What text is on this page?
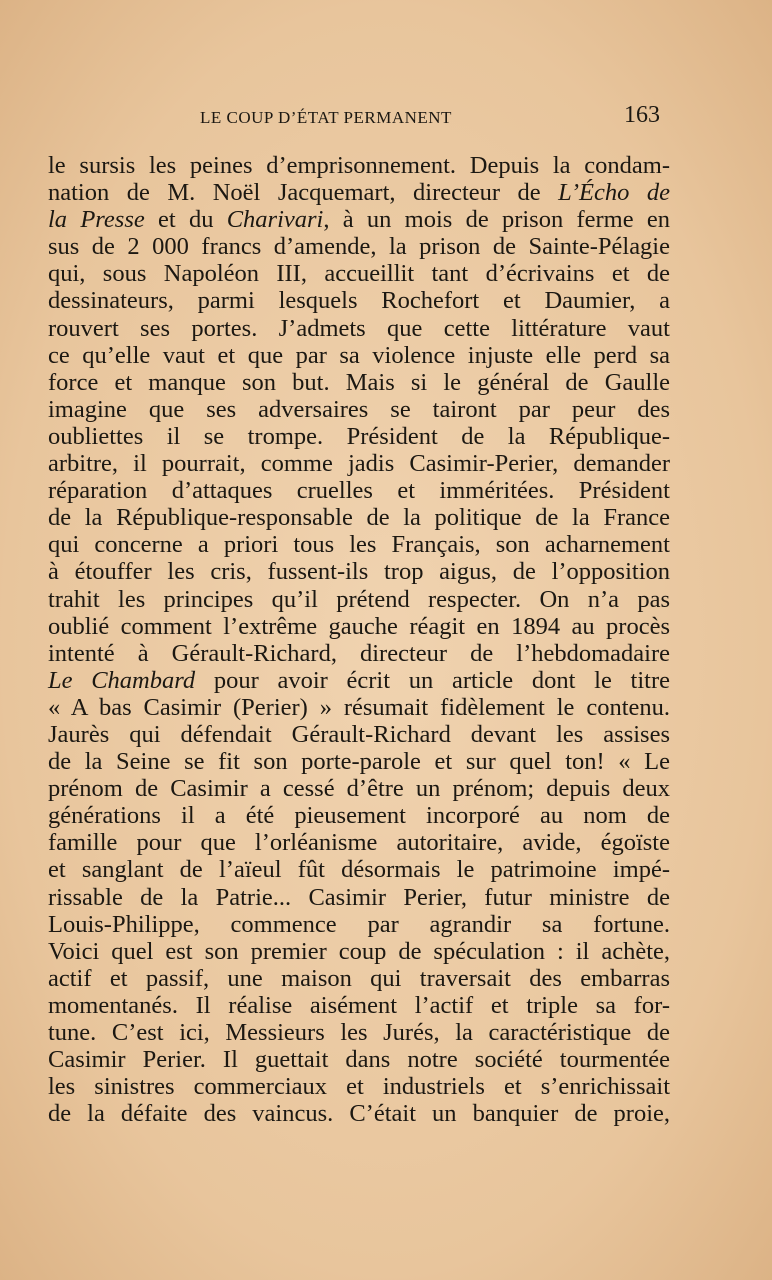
LE COUP D’ÉTAT PERMANENT	163
le sursis les peines d’emprisonnement. Depuis la condam-
nation de M. Noël Jacquemart, directeur de L’Écho de
la Presse et du Charivari, à un mois de prison ferme en
sus de 2 000 francs d’amende, la prison de Sainte-Pélagie
qui, sous Napoléon III, accueillit tant d’écrivains et de
dessinateurs, parmi lesquels Rochefort et Daumier, a
rouvert ses portes. J’admets que cette littérature vaut
ce qu’elle vaut et que par sa violence injuste elle perd sa
force et manque son but. Mais si le général de Gaulle
imagine que ses adversaires se tairont par peur des
oubliettes il se trompe. Président de la République-
arbitre, il pourrait, comme jadis Casimir-Perier, demander
réparation d’attaques cruelles et imméritées. Président
de la République-responsable de la politique de la France
qui concerne a priori tous les Français, son acharnement
à étouffer les cris, fussent-ils trop aigus, de l’opposition
trahit les principes qu’il prétend respecter. On n’a pas
oublié comment l’extrême gauche réagit en 1894 au procès
intenté à Gérault-Richard, directeur de l’hebdomadaire
Le Chambard pour avoir écrit un article dont le titre
« A bas Casimir (Perier) » résumait fidèlement le contenu.
Jaurès qui défendait Gérault-Richard devant les assises
de la Seine se fit son porte-parole et sur quel ton! « Le
prénom de Casimir a cessé d’être un prénom; depuis deux
générations il a été pieusement incorporé au nom de
famille pour que l’orléanisme autoritaire, avide, égoïste
et sanglant de l’aïeul fût désormais le patrimoine impé-
rissable de la Patrie... Casimir Perier, futur ministre de
Louis-Philippe, commence par agrandir sa fortune.
Voici quel est son premier coup de spéculation : il achète,
actif et passif, une maison qui traversait des embarras
momentanés. Il réalise aisément l’actif et triple sa for-
tune. C’est ici, Messieurs les Jurés, la caractéristique de
Casimir Perier. Il guettait dans notre société tourmentée
les sinistres commerciaux et industriels et s’enrichissait
de la défaite des vaincus. C’était un banquier de proie,
